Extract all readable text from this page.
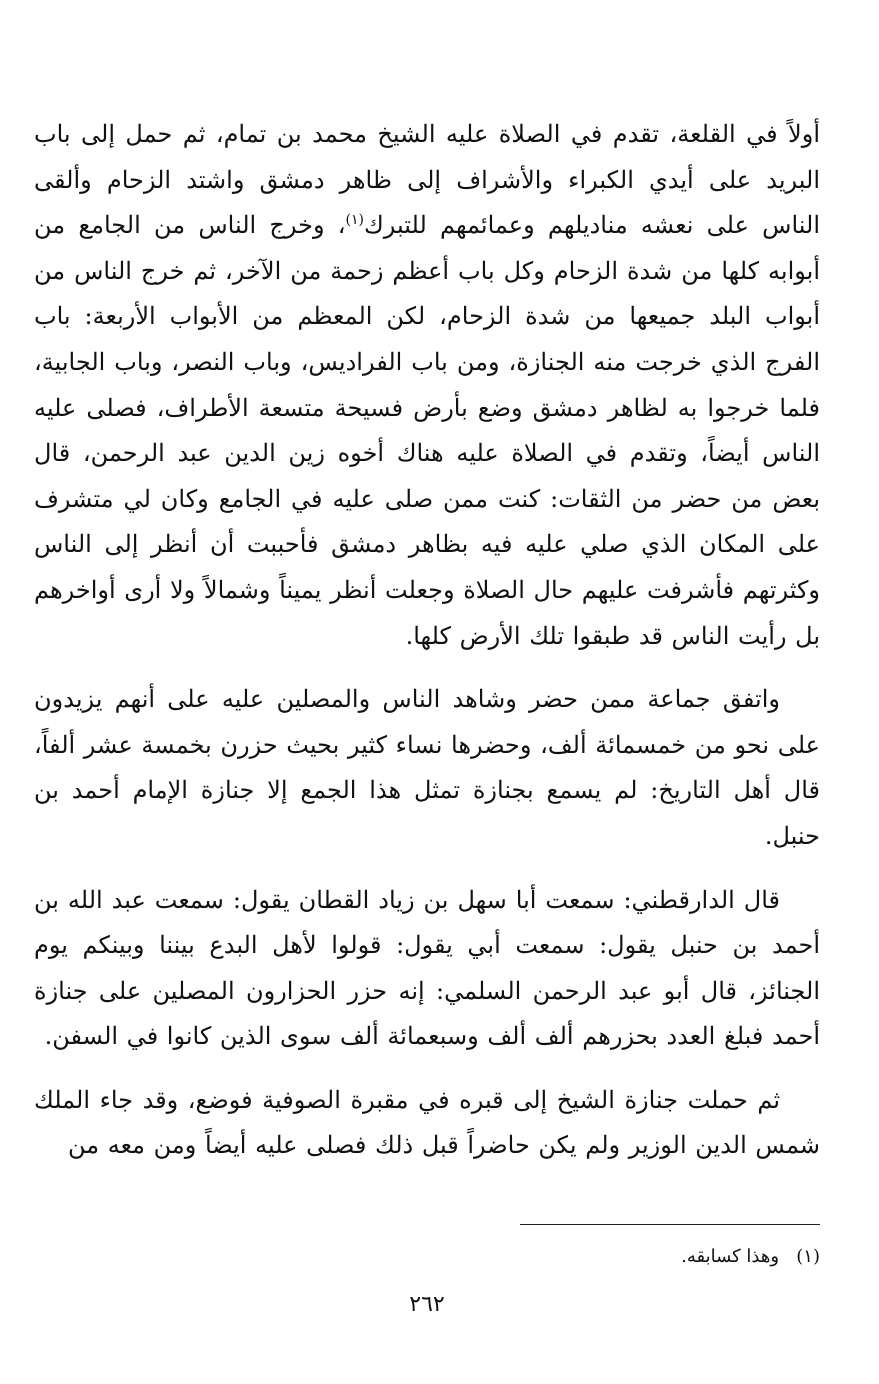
أولاً في القلعة، تقدم في الصلاة عليه الشيخ محمد بن تمام، ثم حمل إلى باب البريد على أيدي الكبراء والأشراف إلى ظاهر دمشق واشتد الزحام وألقى الناس على نعشه مناديلهم وعمائمهم للتبرك$^{(١)}$، وخرج الناس من الجامع من أبوابه كلها من شدة الزحام وكل باب أعظم زحمة من الآخر، ثم خرج الناس من أبواب البلد جميعها من شدة الزحام، لكن المعظم من الأبواب الأربعة: باب الفرج الذي خرجت منه الجنازة، ومن باب الفراديس، وباب النصر، وباب الجابية، فلما خرجوا به لظاهر دمشق وضع بأرض فسيحة متسعة الأطراف، فصلى عليه الناس أيضاً، وتقدم في الصلاة عليه هناك أخوه زين الدين عبد الرحمن، قال بعض من حضر من الثقات: كنت ممن صلى عليه في الجامع وكان لي متشرف على المكان الذي صلي عليه فيه بظاهر دمشق فأحببت أن أنظر إلى الناس وكثرتهم فأشرفت عليهم حال الصلاة وجعلت أنظر يميناً وشمالاً ولا أرى أواخرهم بل رأيت الناس قد طبقوا تلك الأرض كلها.

واتفق جماعة ممن حضر وشاهد الناس والمصلين عليه على أنهم يزيدون على نحو من خمسمائة ألف، وحضرها نساء كثير بحيث حزرن بخمسة عشر ألفاً، قال أهل التاريخ: لم يسمع بجنازة تمثل هذا الجمع إلا جنازة الإمام أحمد بن حنبل.

قال الدارقطني: سمعت أبا سهل بن زياد القطان يقول: سمعت عبد الله بن أحمد بن حنبل يقول: سمعت أبي يقول: قولوا لأهل البدع بيننا وبينكم يوم الجنائز، قال أبو عبد الرحمن السلمي: إنه حزر الحزارون المصلين على جنازة أحمد فبلغ العدد بحزرهم ألف ألف وسبعمائة ألف سوى الذين كانوا في السفن.

ثم حملت جنازة الشيخ إلى قبره في مقبرة الصوفية فوضع، وقد جاء الملك شمس الدين الوزير ولم يكن حاضراً قبل ذلك فصلى عليه أيضاً ومن معه من

(١)   وهذا كسابقه.
٢٦٢
